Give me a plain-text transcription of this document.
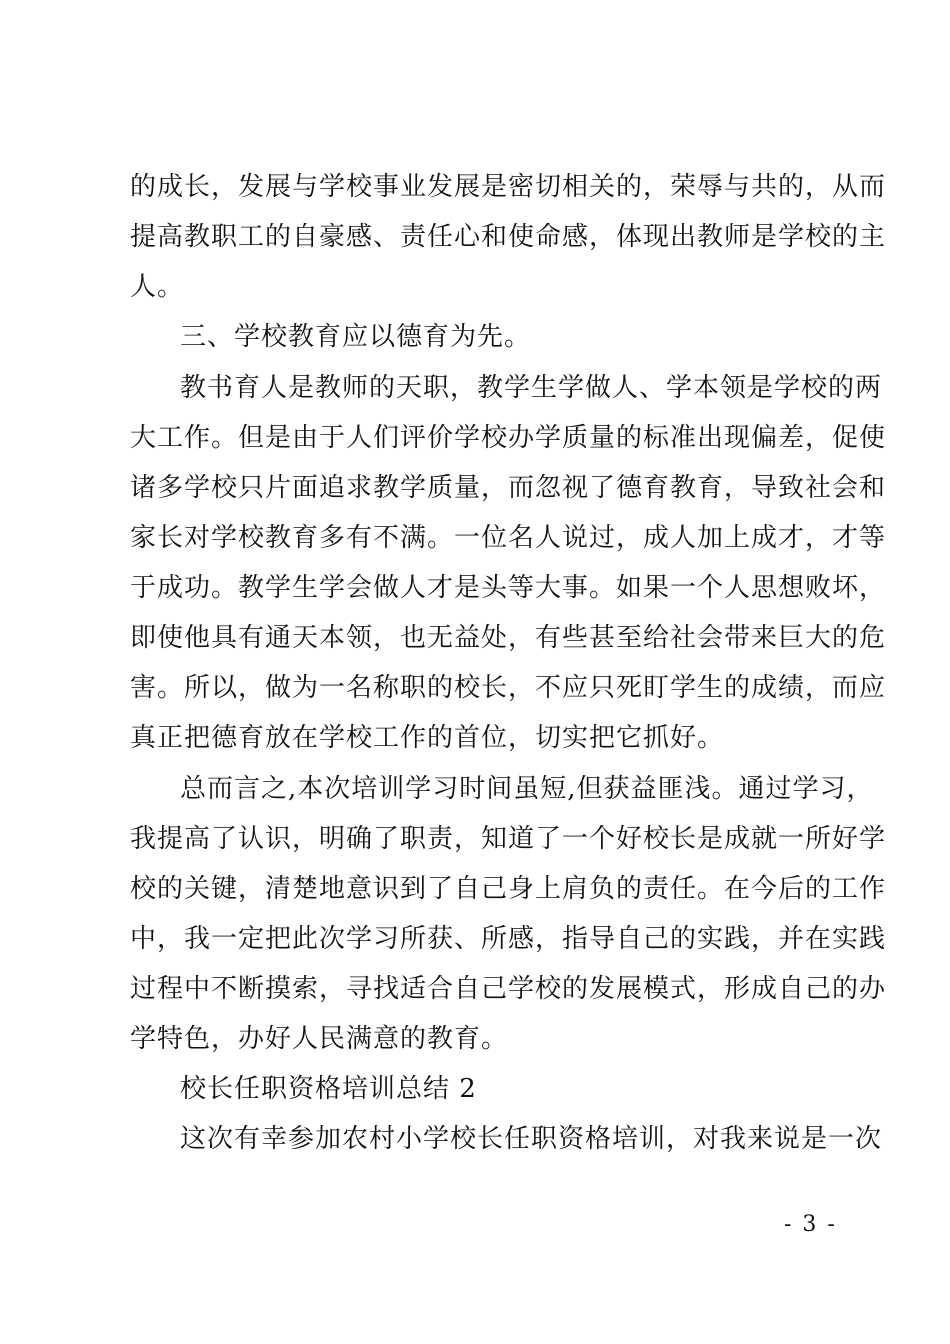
的成长，发展与学校事业发展是密切相关的，荣辱与共的，从而
提高教职工的自豪感、责任心和使命感，体现出教师是学校的主
人。
三、学校教育应以德育为先。
教书育人是教师的天职，教学生学做人、学本领是学校的两
大工作。但是由于人们评价学校办学质量的标准出现偏差，促使
诸多学校只片面追求教学质量，而忽视了德育教育，导致社会和
家长对学校教育多有不满。一位名人说过，成人加上成才，才等
于成功。教学生学会做人才是头等大事。如果一个人思想败坏，
即使他具有通天本领，也无益处，有些甚至给社会带来巨大的危
害。所以，做为一名称职的校长，不应只死盯学生的成绩，而应
真正把德育放在学校工作的首位，切实把它抓好。
总而言之,本次培训学习时间虽短,但获益匪浅。通过学习，
我提高了认识，明确了职责，知道了一个好校长是成就一所好学
校的关键，清楚地意识到了自己身上肩负的责任。在今后的工作
中，我一定把此次学习所获、所感，指导自己的实践，并在实践
过程中不断摸索，寻找适合自己学校的发展模式，形成自己的办
学特色，办好人民满意的教育。
校长任职资格培训总结 2
这次有幸参加农村小学校长任职资格培训，对我来说是一次
- 3 -
